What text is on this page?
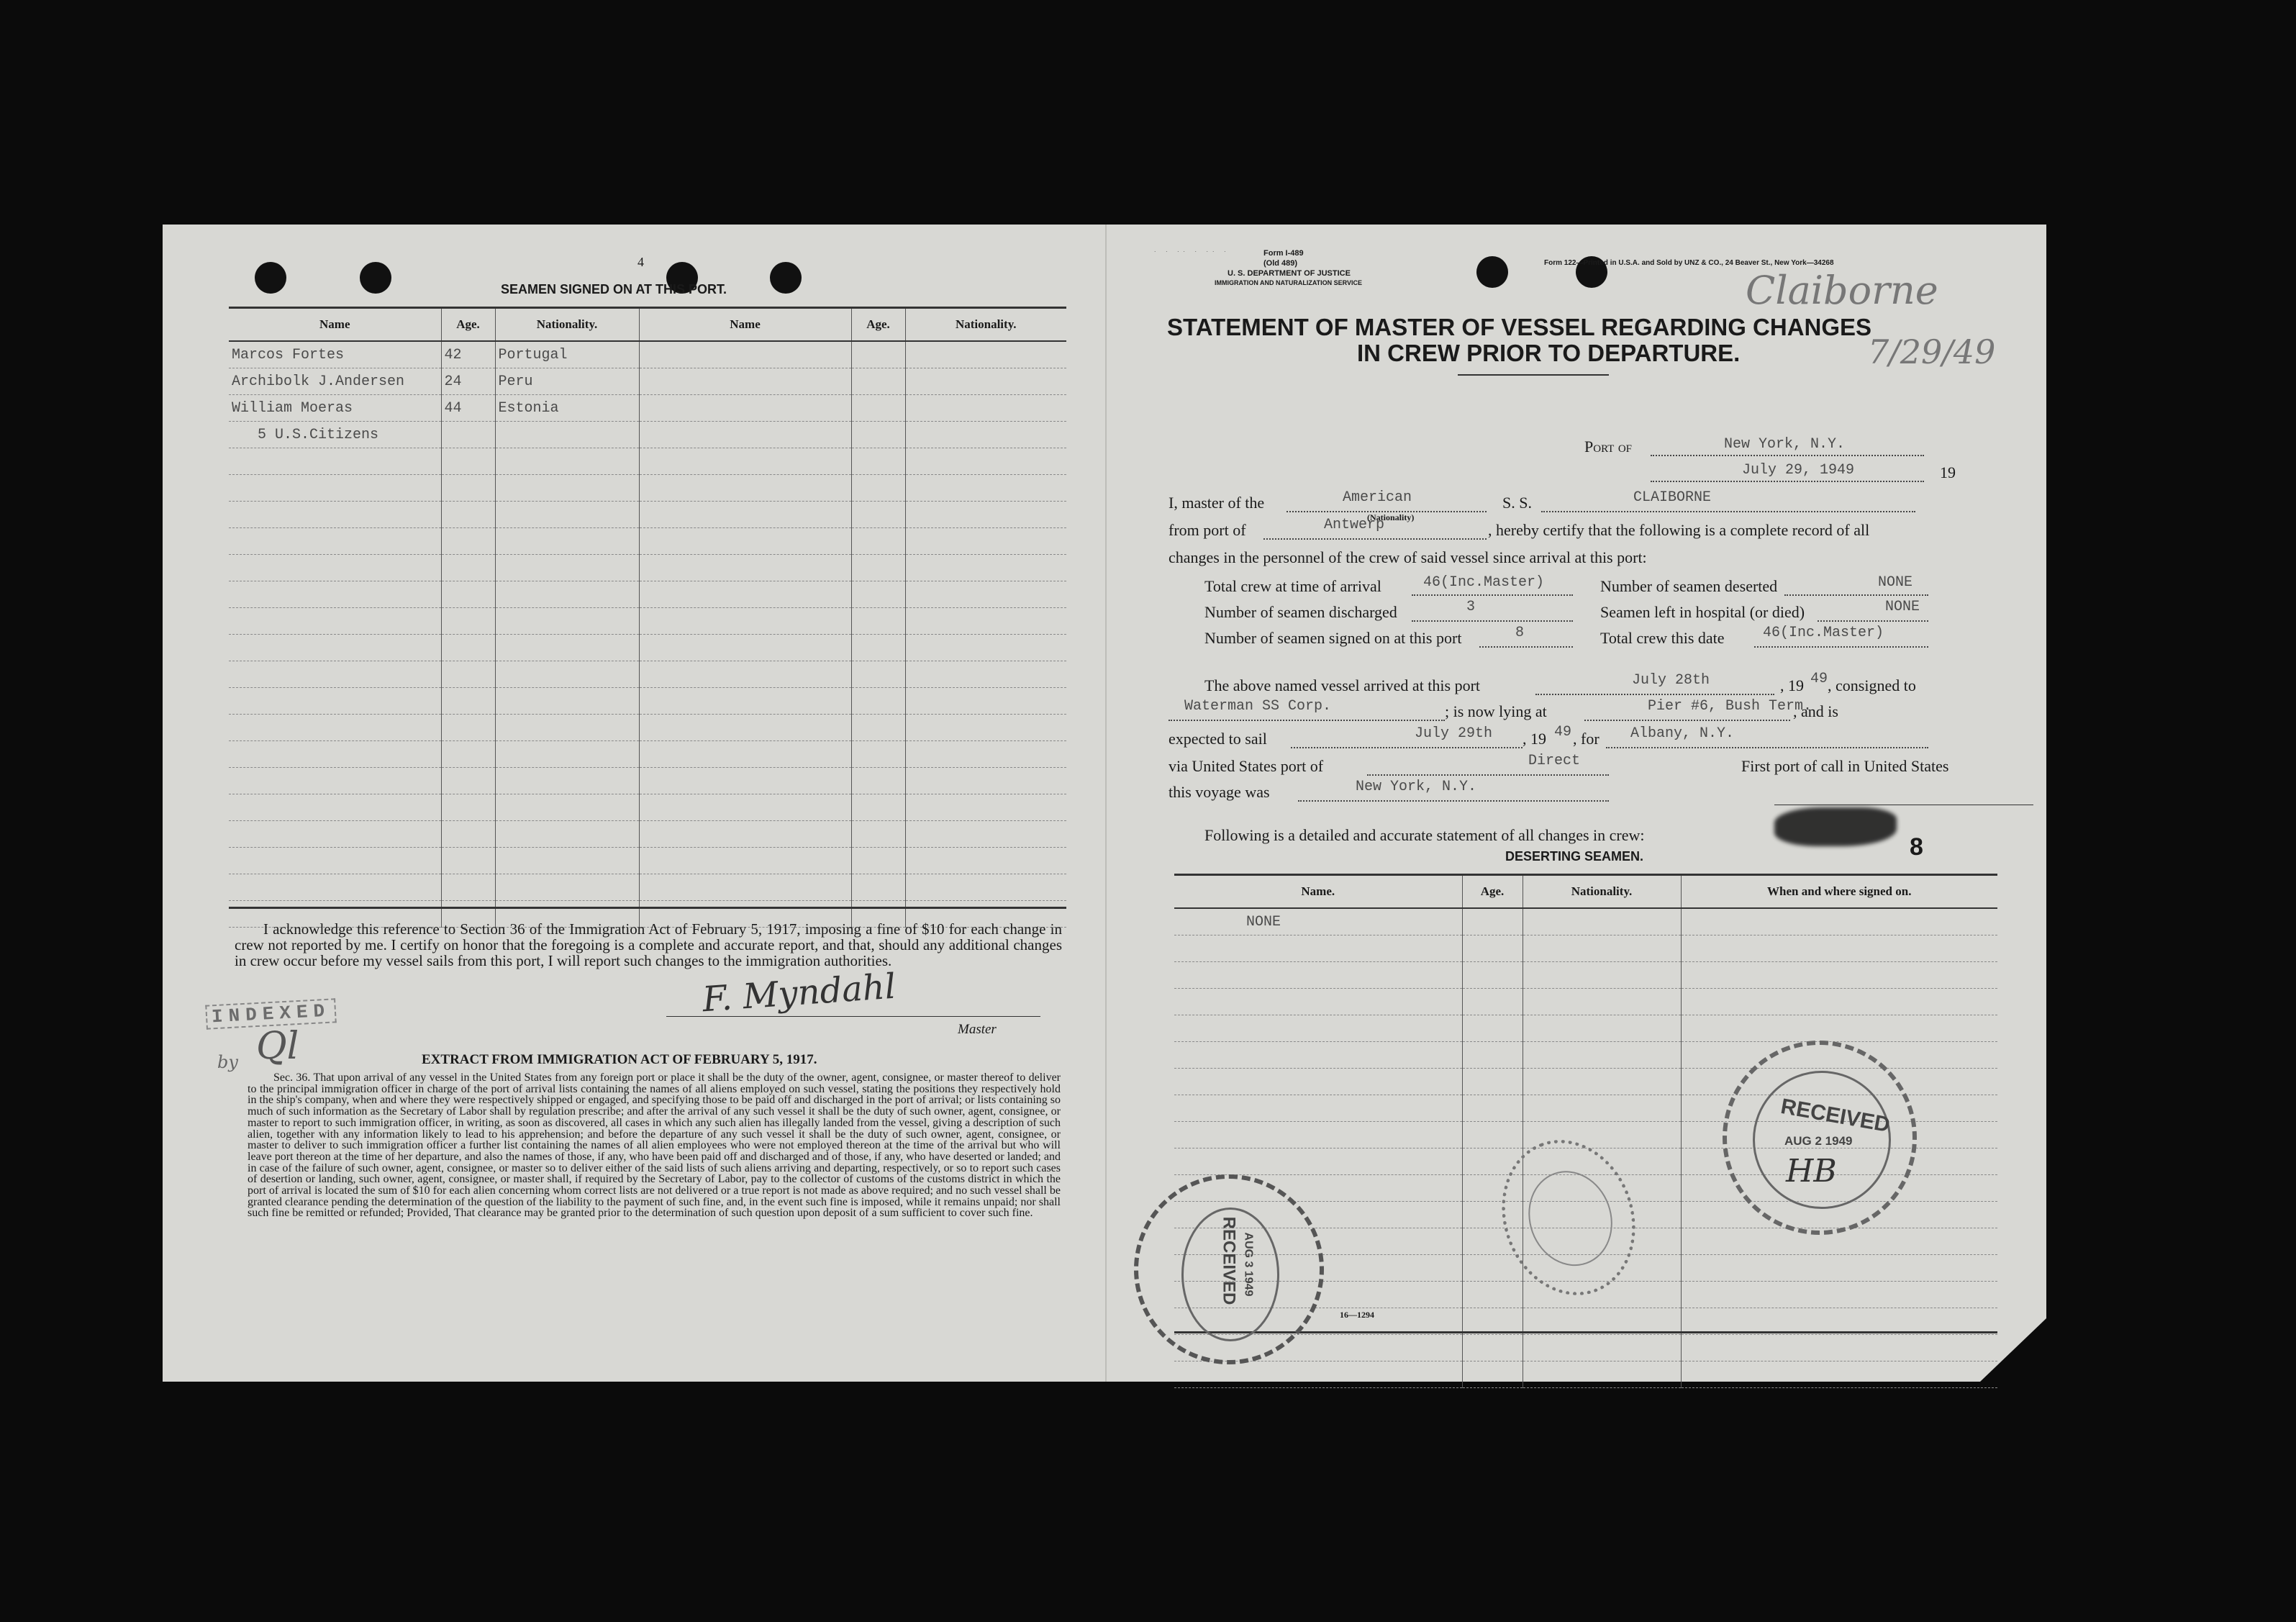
4
SEAMEN SIGNED ON AT THIS PORT.
Name	Age.	Nationality.	Name	Age.	Nationality.
Marcos Fortes	42	Portugal			
Archibolk J.Andersen	24	Peru			
William Moeras	44	Estonia			
5 U.S.Citizens					

I acknowledge this reference to Section 36 of the Immigration Act of February 5, 1917, imposing a fine of $10 for each change in crew not reported by me. I certify on honor that the foregoing is a complete and accurate report, and that, should any additional changes in crew occur before my vessel sails from this port, I will report such changes to the immigration authorities.
F. Myndahl
Master
INDEXED
by Ql	EXTRACT FROM IMMIGRATION ACT OF FEBRUARY 5, 1917.
Sec. 36. That upon arrival of any vessel in the United States from any foreign port or place it shall be the duty of the owner, agent, consignee, or master thereof to deliver to the principal immigration officer in charge of the port of arrival lists containing the names of all aliens employed on such vessel, stating the positions they respectively hold in the ship's company, when and where they were respectively shipped or engaged, and specifying those to be paid off and discharged in the port of arrival; or lists containing so much of such information as the Secretary of Labor shall by regulation prescribe; and after the arrival of any such vessel it shall be the duty of such owner, agent, consignee, or master to report to such immigration officer, in writing, as soon as discovered, all cases in which any such alien has illegally landed from the vessel, giving a description of such alien, together with any information likely to lead to his apprehension; and before the departure of any such vessel it shall be the duty of such owner, agent, consignee, or master to deliver to such immigration officer a further list containing the names of all alien employees who were not employed thereon at the time of the arrival but who will leave port thereon at the time of her departure, and also the names of those, if any, who have been paid off and discharged and of those, if any, who have deserted or landed; and in case of the failure of such owner, agent, consignee, or master so to deliver either of the said lists of such aliens arriving and departing, respectively, or so to report such cases of desertion or landing, such owner, agent, consignee, or master shall, if required by the Secretary of Labor, pay to the collector of customs of the customs district in which the port of arrival is located the sum of $10 for each alien concerning whom correct lists are not delivered or a true report is not made as above required; and no such vessel shall be granted clearance pending the determination of the question of the liability to the payment of such fine, and, in the event such fine is imposed, while it remains unpaid; nor shall such fine be remitted or refunded; Provided, That clearance may be granted prior to the determination of such question upon deposit of a sum sufficient to cover such fine.
· · ·· · ·· ·	Form I-489
(Old 489)
U. S. DEPARTMENT OF JUSTICE
IMMIGRATION AND NATURALIZATION SERVICE
Form 122—Printed in U.S.A. and Sold by UNZ & CO., 24 Beaver St., New York—34268
Claiborne
7/29/49
STATEMENT OF MASTER OF VESSEL REGARDING CHANGES
IN CREW PRIOR TO DEPARTURE.
Port of	New York, N.Y.
July 29, 1949	19
I, master of the	American
(Nationality)
S. S.	CLAIBORNE
from port of	Antwerp	, hereby certify that the following is a complete record of all
changes in the personnel of the crew of said vessel since arrival at this port:
Total crew at time of arrival	46(Inc.Master)	Number of seamen deserted	NONE
Number of seamen discharged	3	Seamen left in hospital (or died)	NONE
Number of seamen signed on at this port	8	Total crew this date	46(Inc.Master)
The above named vessel arrived at this port	July 28th	, 19 49 , consigned to
Waterman SS Corp.	; is now lying at	Pier #6, Bush Term.
, and is
expected to sail	July 29th , 19 49 , for Albany, N.Y.
via United States port of	Direct	First port of call in United States
this voyage was	New York, N.Y.
Following is a detailed and accurate statement of all changes in crew:	8
DESERTING SEAMEN.
Name.	Age.	Nationality.	When and where signed on.
NONE			

16—1294
RECEIVED AUG 3 1949
RECEIVED
AUG 2 1949
HB
